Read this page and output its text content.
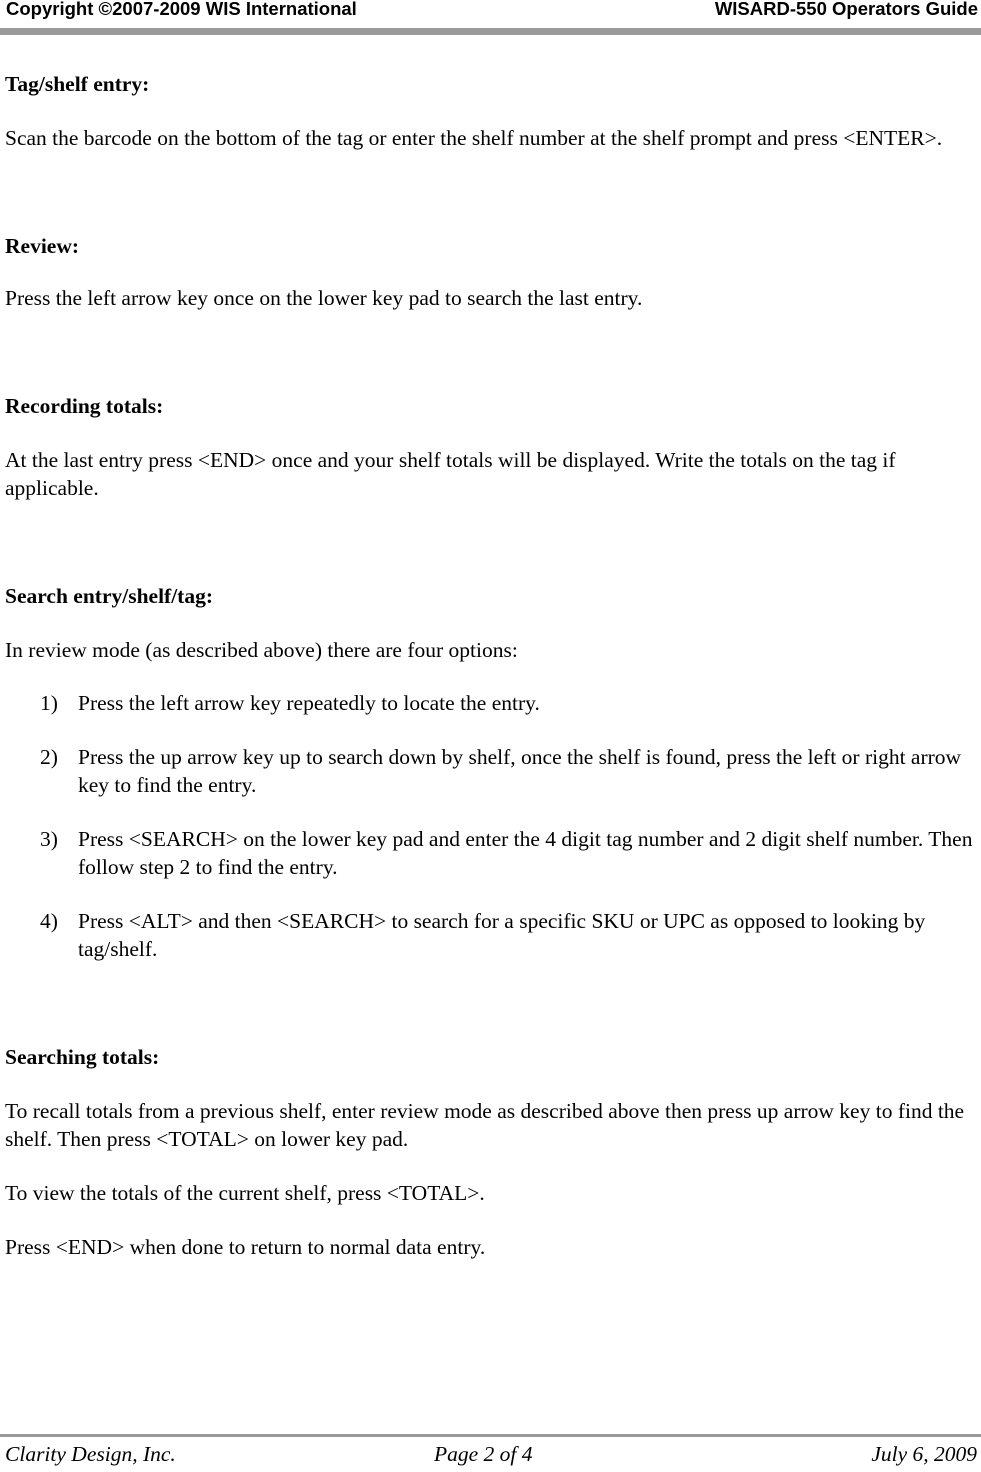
Copyright ©2007-2009 WIS International	WISARD-550 Operators Guide
Tag/shelf entry:

Scan the barcode on the bottom of the tag or enter the shelf number at the shelf prompt and press <ENTER>.

Review:

Press the left arrow key once on the lower key pad to search the last entry.

Recording totals:

At the last entry press <END> once and your shelf totals will be displayed. Write the totals on the tag if applicable.

Search entry/shelf/tag:

In review mode (as described above) there are four options:

1) Press the left arrow key repeatedly to locate the entry.
2) Press the up arrow key up to search down by shelf, once the shelf is found, press the left or right arrow key to find the entry.
3) Press <SEARCH> on the lower key pad and enter the 4 digit tag number and 2 digit shelf number. Then follow step 2 to find the entry.
4) Press <ALT> and then <SEARCH> to search for a specific SKU or UPC as opposed to looking by tag/shelf.
Searching totals:

To recall totals from a previous shelf, enter review mode as described above then press up arrow key to find the shelf. Then press <TOTAL> on lower key pad.

To view the totals of the current shelf, press <TOTAL>.

Press <END> when done to return to normal data entry.

Clarity Design, Inc.	Page 2 of 4	July 6, 2009
